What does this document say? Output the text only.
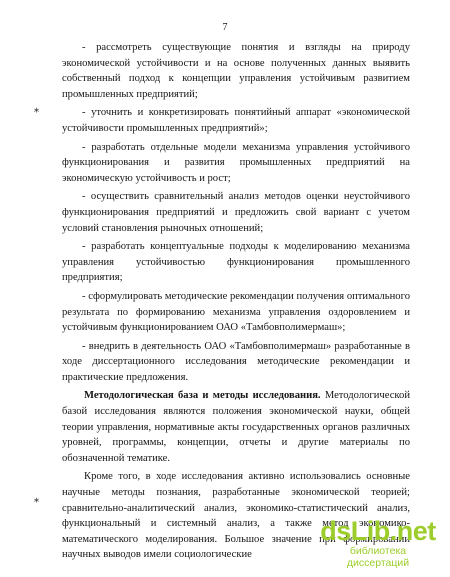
7
⁎
⁎

- рассмотреть существующие понятия и взгляды на природу экономической устойчивости и на основе полученных данных выявить собственный подход к концепции управления устойчивым развитием промышленных предприятий;

- уточнить и конкретизировать понятийный аппарат «экономической устойчивости промышленных предприятий»;

- разработать отдельные модели механизма управления устойчивого функционирования и развития промышленных предприятий на экономическую устойчивость и рост;

- осуществить сравнительный анализ методов оценки неустойчивого функционирования предприятий и предложить свой вариант с учетом условий становления рыночных отношений;

- разработать концептуальные подходы к моделированию механизма управления устойчивостью функционирования промышленного предприятия;

- сформулировать методические рекомендации получения оптимального результата по формированию механизма управления оздоровлением и устойчивым функционированием ОАО «Тамбовполимермаш»;

- внедрить в деятельность ОАО «Тамбовполимермаш» разработанные в ходе диссертационного исследования методические рекомендации и практические предложения.

Методологическая база и методы исследования. Методологической базой исследования являются положения экономической науки, общей теории управления, нормативные акты государственных органов различных уровней, программы, концепции, отчеты и другие материалы по обозначенной тематике.

Кроме того, в ходе исследования активно использовались основные научные методы познания, разработанные экономической теорией; сравнительно-аналитический анализ, экономико-статистический анализ, функциональный и системный анализ, а также метод экономико-математического моделирования. Большое значение при формировании научных выводов имели социологические

dsLib.net
библиотека диссертаций
